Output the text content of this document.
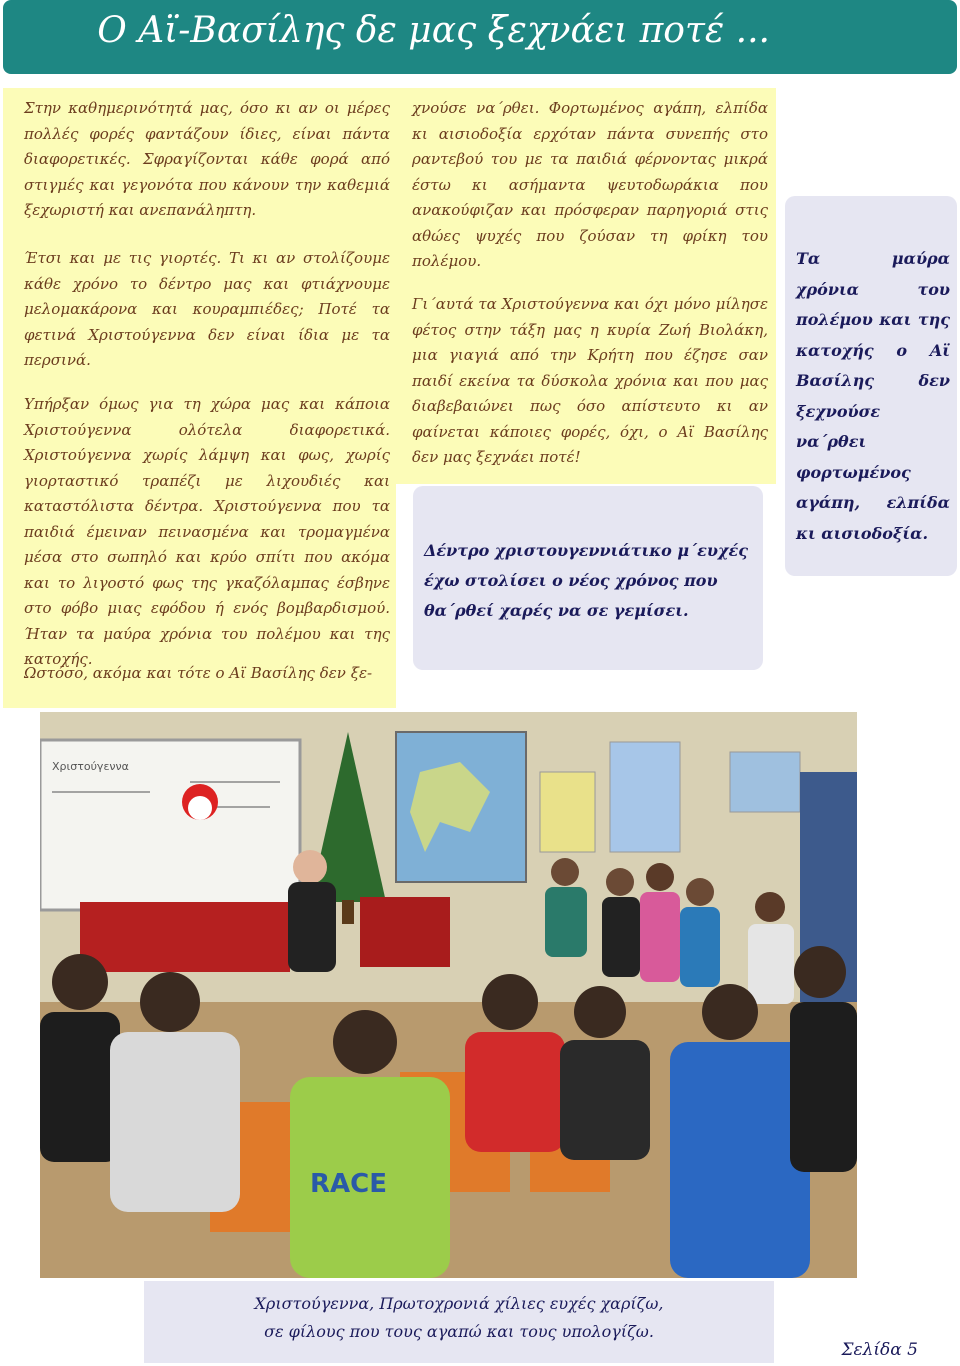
Ο Αϊ-Βασίλης δε μας ξεχνάει ποτέ ...

Στην καθημερινότητά μας, όσο κι αν οι μέρες πολλές φορές φαντάζουν ίδιες, είναι πάντα διαφορετικές. Σφραγίζονται κάθε φορά από στιγμές και γεγονότα που κάνουν την καθεμιά ξεχωριστή και ανεπανάληπτη.

Έτσι και με τις γιορτές. Τι κι αν στολίζουμε κάθε χρόνο το δέντρο μας και φτιάχνουμε μελομακάρονα και κουραμπιέδες; Ποτέ τα φετινά Χριστούγεννα δεν είναι ίδια με τα περσινά.

Υπήρξαν όμως για τη χώρα μας και κάποια Χριστούγεννα ολότελα διαφορετικά. Χριστούγεννα χωρίς λάμψη και φως, χωρίς γιορταστικό τραπέζι με λιχουδιές και καταστόλιστα δέντρα. Χριστούγεννα που τα παιδιά έμειναν πεινασμένα και τρομαγμένα μέσα στο σωπηλό και κρύο σπίτι που ακόμα και το λιγοστό φως της γκαζόλαμπας έσβηνε στο φόβο μιας εφόδου ή ενός βομβαρδισμού. Ήταν τα μαύρα χρόνια του πολέμου και της κατοχής.

Ωστόσο, ακόμα και τότε ο Αϊ Βασίλης δεν ξε-

χνούσε να΄ρθει. Φορτωμένος αγάπη, ελπίδα κι αισιοδοξία ερχόταν πάντα συνεπής στο ραντεβού του με τα παιδιά φέρνοντας μικρά έστω κι ασήμαντα ψευτοδωράκια που ανακούφιζαν και πρόσφεραν παρηγοριά στις αθώες ψυχές που ζούσαν τη φρίκη του πολέμου.

Γι΄αυτά τα Χριστούγεννα και όχι μόνο μίλησε φέτος στην τάξη μας η κυρία Ζωή Βιολάκη, μια γιαγιά από την Κρήτη που έζησε σαν παιδί εκείνα τα δύσκολα χρόνια και που μας διαβεβαιώνει πως όσο απίστευτο κι αν φαίνεται κάποιες φορές, όχι, ο Αϊ Βασίλης δεν μας ξεχνάει ποτέ!

Δέντρο χριστουγεννιάτικο μ΄ευχές έχω στολίσει ο νέος χρόνος που θα΄ρθεί χαρές να σε γεμίσει.

Τα μαύρα χρόνια του πολέμου και της κατοχής ο Αϊ Βασίλης δεν ξεχνούσε να΄ρθει φορτωμένος αγάπη, ελπίδα κι αισιοδοξία.

Χριστούγεννα
RACE

Χριστούγεννα, Πρωτοχρονιά χίλιες ευχές χαρίζω,
σε φίλους που τους αγαπώ και τους υπολογίζω.

Σελίδα 5
